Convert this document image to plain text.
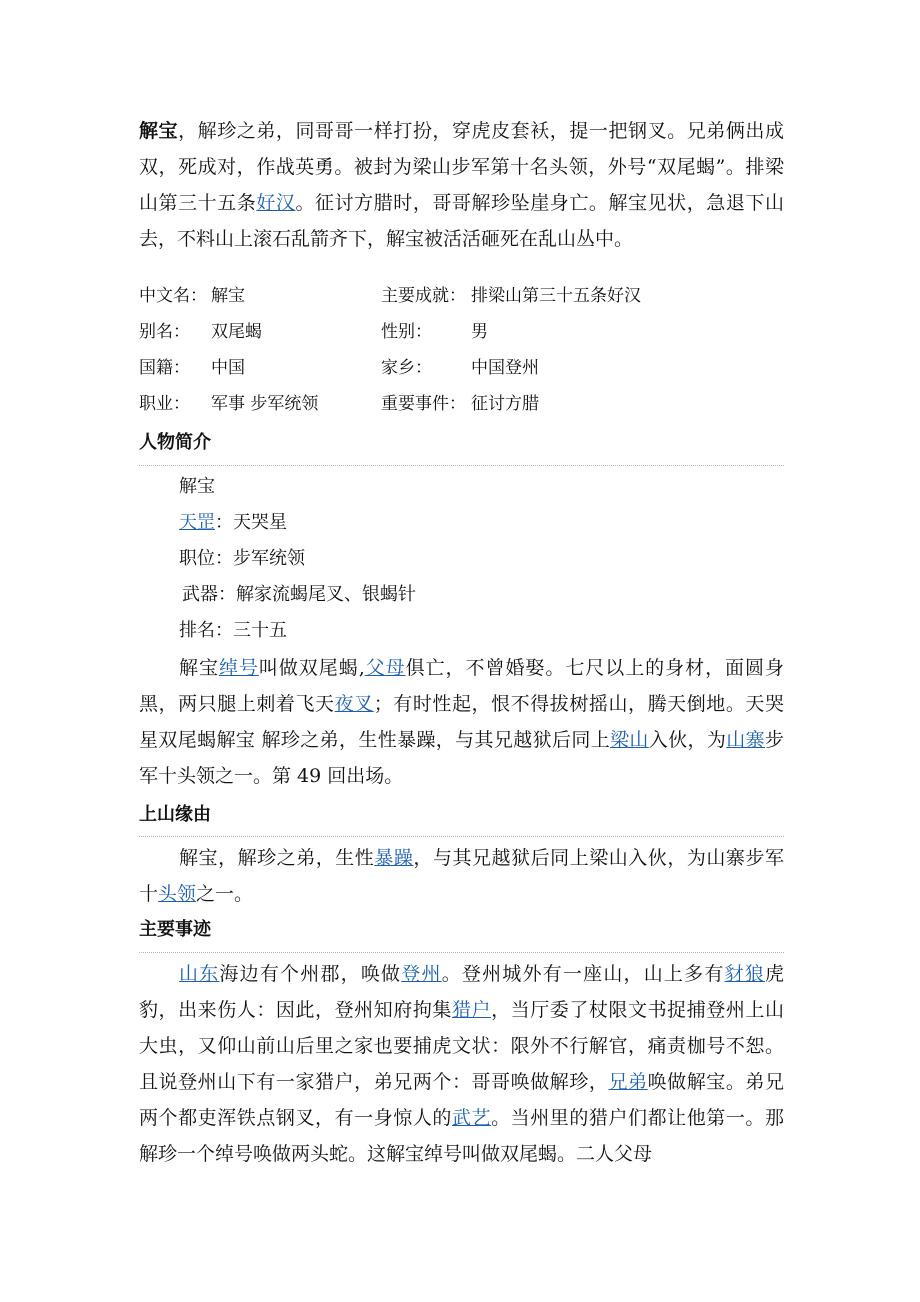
解宝，解珍之弟，同哥哥一样打扮，穿虎皮套袄，提一把钢叉。兄弟俩出成双，死成对，作战英勇。被封为梁山步军第十名头领，外号“双尾蝎”。排梁山第三十五条好汉。征讨方腊时，哥哥解珍坠崖身亡。解宝见状，急退下山去，不料山上滚石乱箭齐下，解宝被活活砸死在乱山丛中。

中文名： 解宝	主要成就： 排梁山第三十五条好汉
别名： 双尾蝎	性别： 男
国籍： 中国	家乡： 中国登州
职业： 军事 步军统领	重要事件： 征讨方腊
人物简介
解宝
天罡：天哭星
职位：步军统领
武器：解家流蝎尾叉、银蝎针
排名：三十五

解宝绰号叫做双尾蝎,父母俱亡，不曾婚娶。七尺以上的身材，面圆身黑，两只腿上刺着飞天夜叉；有时性起，恨不得拔树摇山，腾天倒地。天哭星双尾蝎解宝 解珍之弟，生性暴躁，与其兄越狱后同上梁山入伙，为山寨步军十头领之一。第 49 回出场。

上山缘由

解宝，解珍之弟，生性暴躁，与其兄越狱后同上梁山入伙，为山寨步军十头领之一。

主要事迹

山东海边有个州郡，唤做登州。登州城外有一座山，山上多有豺狼虎豹，出来伤人：因此，登州知府拘集猎户，当厅委了杖限文书捉捕登州上山大虫，又仰山前山后里之家也要捕虎文状：限外不行解官，痛责枷号不恕。且说登州山下有一家猎户，弟兄两个：哥哥唤做解珍，兄弟唤做解宝。弟兄两个都吏浑铁点钢叉，有一身惊人的武艺。当州里的猎户们都让他第一。那解珍一个绰号唤做两头蛇。这解宝绰号叫做双尾蝎。二人父母
